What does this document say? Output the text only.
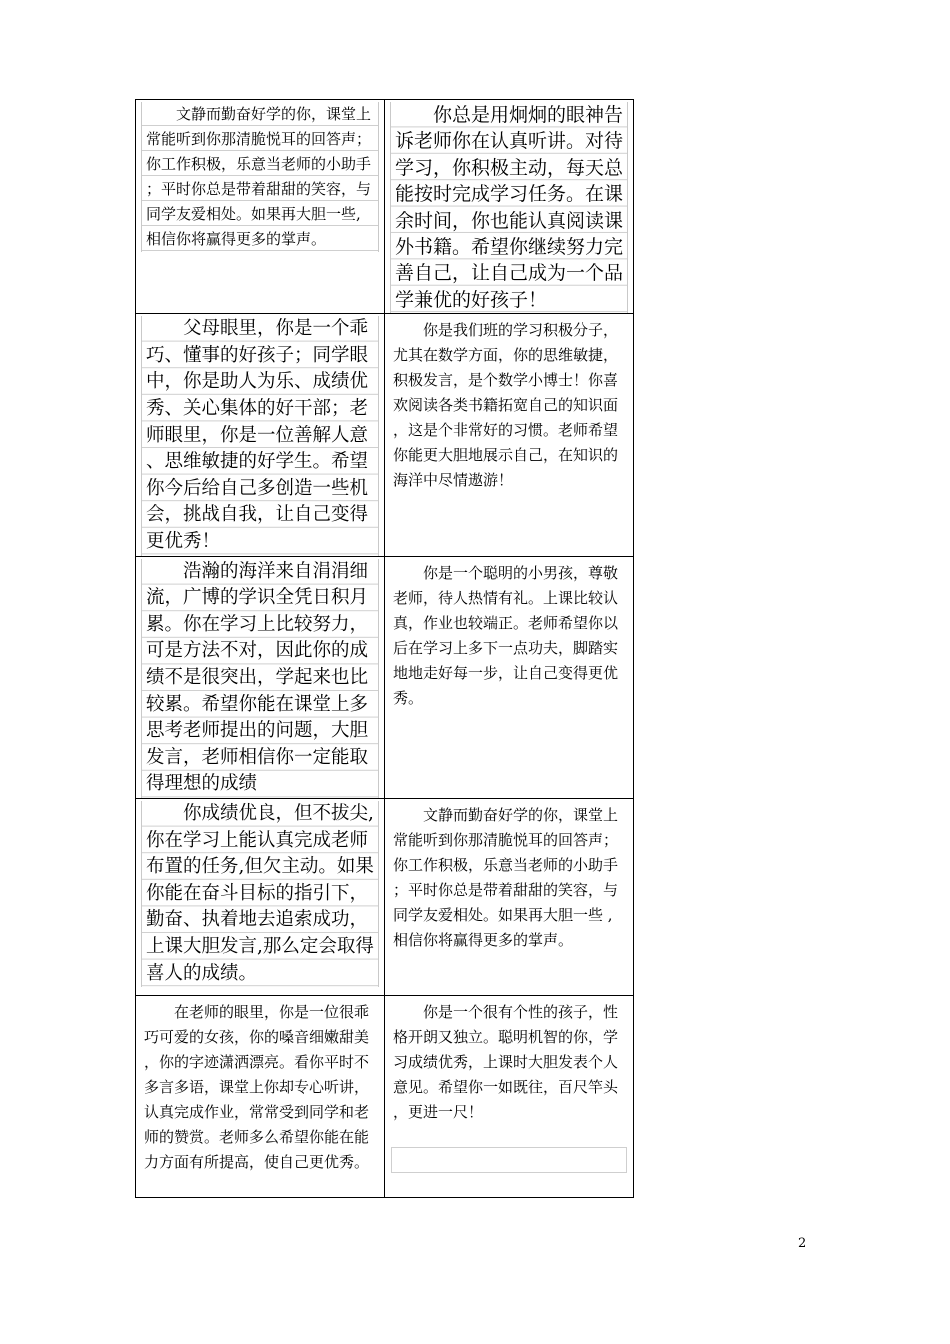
文静而勤奋好学的你，课堂上常能听到你那清脆悦耳的回答声；你工作积极，乐意当老师的小助手；平时你总是带着甜甜的笑容，与同学友爱相处。如果再大胆一些,相信你将赢得更多的掌声。	你总是用炯炯的眼神告诉老师你在认真听讲。对待学习，你积极主动，每天总能按时完成学习任务。在课余时间，你也能认真阅读课外书籍。希望你继续努力完善自己，让自己成为一个品学兼优的好孩子！

父母眼里，你是一个乖巧、懂事的好孩子；同学眼中，你是助人为乐、成绩优秀、关心集体的好干部；老师眼里，你是一位善解人意、思维敏捷的好学生。希望你今后给自己多创造一些机会，挑战自我，让自己变得更优秀！	你是我们班的学习积极分子，尤其在数学方面，你的思维敏捷，积极发言，是个数学小博士！你喜欢阅读各类书籍拓宽自己的知识面，这是个非常好的习惯。老师希望你能更大胆地展示自己，在知识的海洋中尽情遨游！

浩瀚的海洋来自涓涓细流，广博的学识全凭日积月累。你在学习上比较努力，可是方法不对，因此你的成绩不是很突出，学起来也比较累。希望你能在课堂上多思考老师提出的问题，大胆发言，老师相信你一定能取得理想的成绩	你是一个聪明的小男孩，尊敬老师，待人热情有礼。上课比较认真，作业也较端正。老师希望你以后在学习上多下一点功夫，脚踏实地地走好每一步，让自己变得更优秀。

你成绩优良，但不拔尖,你在学习上能认真完成老师布置的任务,但欠主动。如果你能在奋斗目标的指引下，勤奋、执着地去追索成功，上课大胆发言,那么定会取得喜人的成绩。	文静而勤奋好学的你，课堂上常能听到你那清脆悦耳的回答声；你工作积极，乐意当老师的小助手；平时你总是带着甜甜的笑容，与同学友爱相处。如果再大胆一些 ,相信你将赢得更多的掌声。

在老师的眼里，你是一位很乖巧可爱的女孩，你的嗓音细嫩甜美，你的字迹潇洒漂亮。看你平时不多言多语，课堂上你却专心听讲，认真完成作业，常常受到同学和老师的赞赏。老师多么希望你能在能力方面有所提高，使自己更优秀。	你是一个很有个性的孩子，性格开朗又独立。聪明机智的你，学习成绩优秀，上课时大胆发表个人意见。希望你一如既往，百尺竿头，更进一尺！

2
